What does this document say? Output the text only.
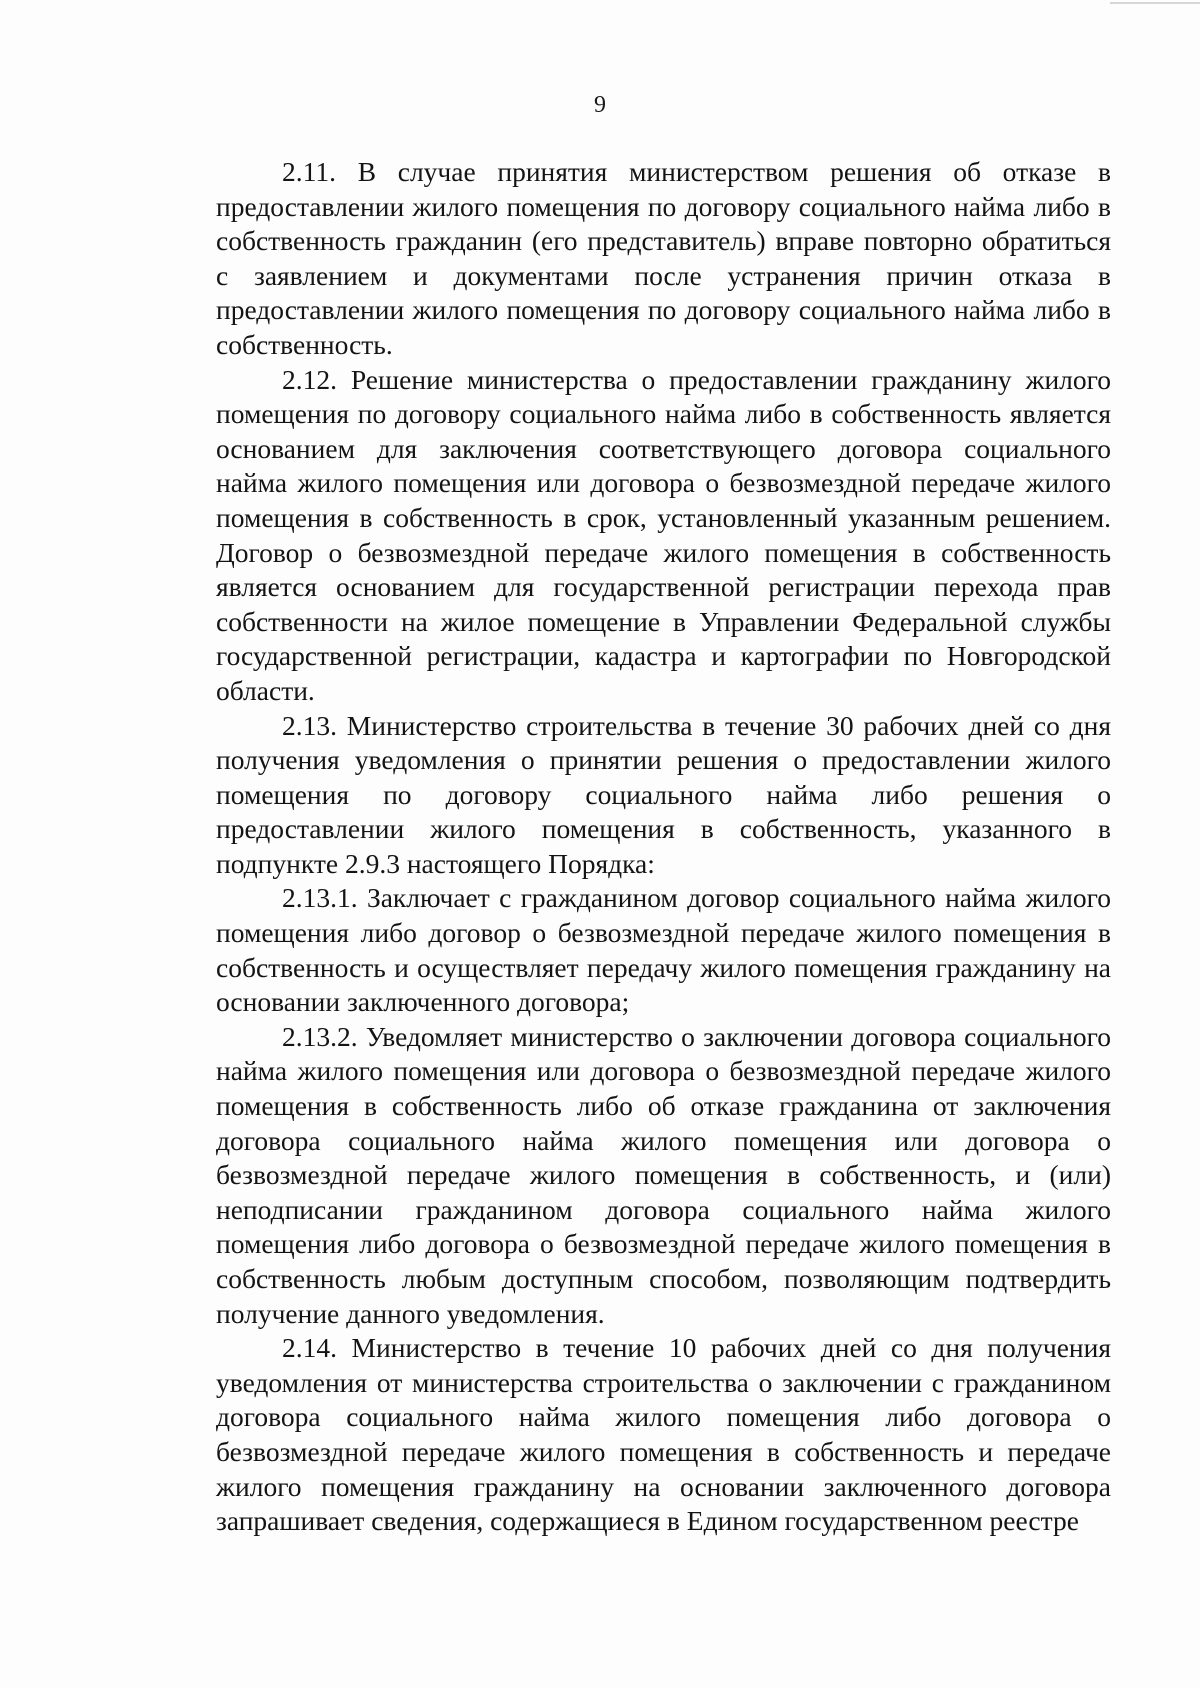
9

2.11. В случае принятия министерством решения об отказе в предоставлении жилого помещения по договору социального найма либо в собственность гражданин (его представитель) вправе повторно обратиться с заявлением и документами после устранения причин отказа в предоставлении жилого помещения по договору социального найма либо в собственность.

2.12. Решение министерства о предоставлении гражданину жилого помещения по договору социального найма либо в собственность является основанием для заключения соответствующего договора социального найма жилого помещения или договора о безвозмездной передаче жилого помещения в собственность в срок, установленный указанным решением. Договор о безвозмездной передаче жилого помещения в собственность является основанием для государственной регистрации перехода прав собственности на жилое помещение в Управлении Федеральной службы государственной регистрации, кадастра и картографии по Новгородской области.

2.13. Министерство строительства в течение 30 рабочих дней со дня получения уведомления о принятии решения о предоставлении жилого помещения по договору социального найма либо решения о предоставлении жилого помещения в собственность, указанного в подпункте 2.9.3 настоящего Порядка:

2.13.1. Заключает с гражданином договор социального найма жилого помещения либо договор о безвозмездной передаче жилого помещения в собственность и осуществляет передачу жилого помещения гражданину на основании заключенного договора;

2.13.2. Уведомляет министерство о заключении договора социального найма жилого помещения или договора о безвозмездной передаче жилого помещения в собственность либо об отказе гражданина от заключения договора социального найма жилого помещения или договора о безвозмездной передаче жилого помещения в собственность, и (или) неподписании гражданином договора социального найма жилого помещения либо договора о безвозмездной передаче жилого помещения в собственность любым доступным способом, позволяющим подтвердить получение данного уведомления.

2.14. Министерство в течение 10 рабочих дней со дня получения уведомления от министерства строительства о заключении с гражданином договора социального найма жилого помещения либо договора о безвозмездной передаче жилого помещения в собственность и передаче жилого помещения гражданину на основании заключенного договора запрашивает сведения, содержащиеся в Едином государственном реестре
